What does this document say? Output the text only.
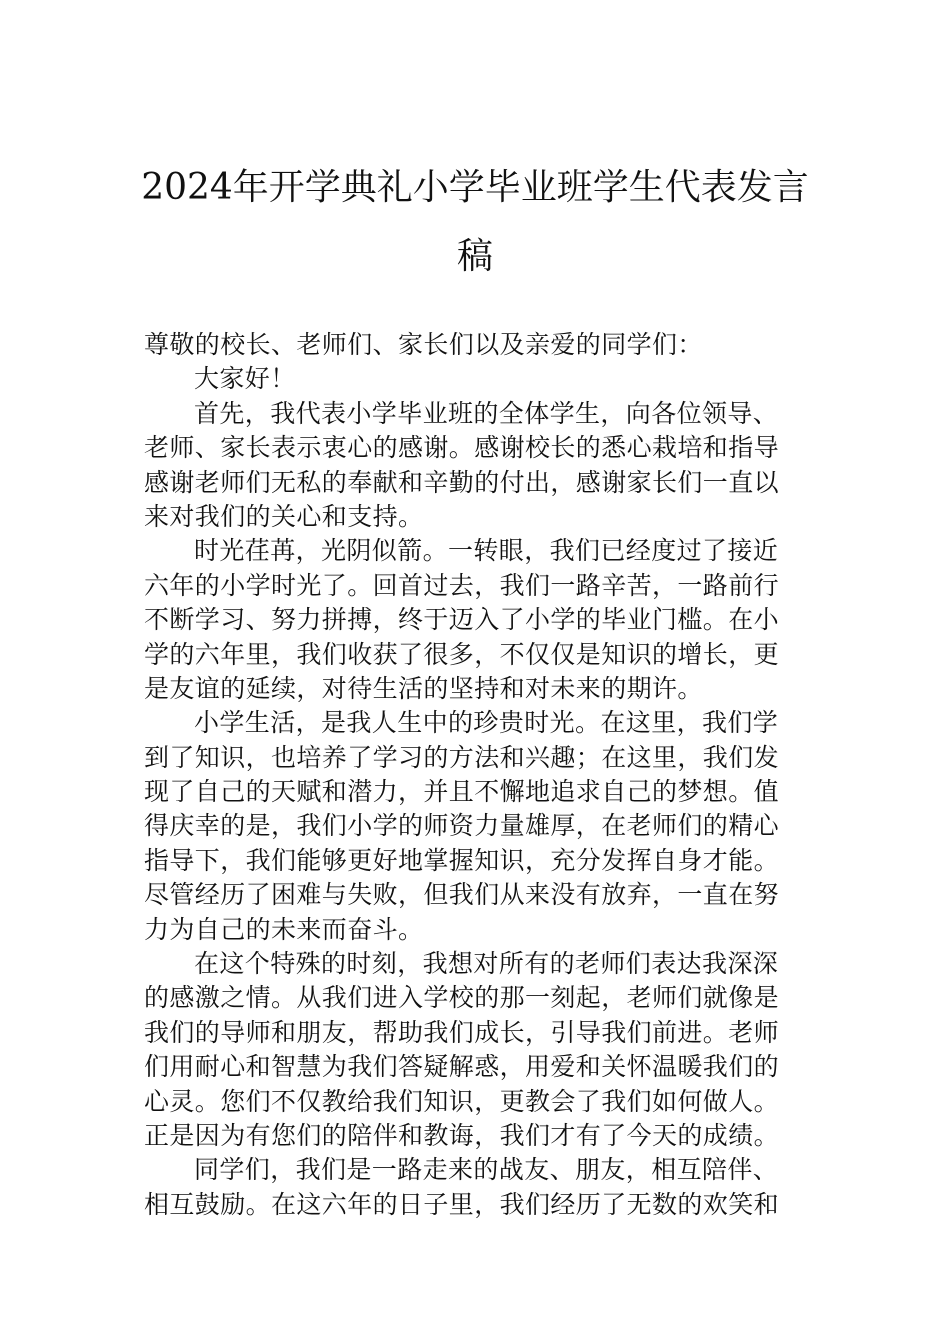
2024年开学典礼小学毕业班学生代表发言
稿
尊敬的校长、老师们、家长们以及亲爱的同学们：
大家好！
首先，我代表小学毕业班的全体学生，向各位领导、
老师、家长表示衷心的感谢。感谢校长的悉心栽培和指导
感谢老师们无私的奉献和辛勤的付出，感谢家长们一直以
来对我们的关心和支持。
时光荏苒，光阴似箭。一转眼，我们已经度过了接近
六年的小学时光了。回首过去，我们一路辛苦，一路前行
不断学习、努力拼搏，终于迈入了小学的毕业门槛。在小
学的六年里，我们收获了很多，不仅仅是知识的增长，更
是友谊的延续，对待生活的坚持和对未来的期许。
小学生活，是我人生中的珍贵时光。在这里，我们学
到了知识，也培养了学习的方法和兴趣；在这里，我们发
现了自己的天赋和潜力，并且不懈地追求自己的梦想。值
得庆幸的是，我们小学的师资力量雄厚，在老师们的精心
指导下，我们能够更好地掌握知识，充分发挥自身才能。
尽管经历了困难与失败，但我们从来没有放弃，一直在努
力为自己的未来而奋斗。
在这个特殊的时刻，我想对所有的老师们表达我深深
的感激之情。从我们进入学校的那一刻起，老师们就像是
我们的导师和朋友，帮助我们成长，引导我们前进。老师
们用耐心和智慧为我们答疑解惑，用爱和关怀温暖我们的
心灵。您们不仅教给我们知识，更教会了我们如何做人。
正是因为有您们的陪伴和教诲，我们才有了今天的成绩。
同学们，我们是一路走来的战友、朋友，相互陪伴、
相互鼓励。在这六年的日子里，我们经历了无数的欢笑和
